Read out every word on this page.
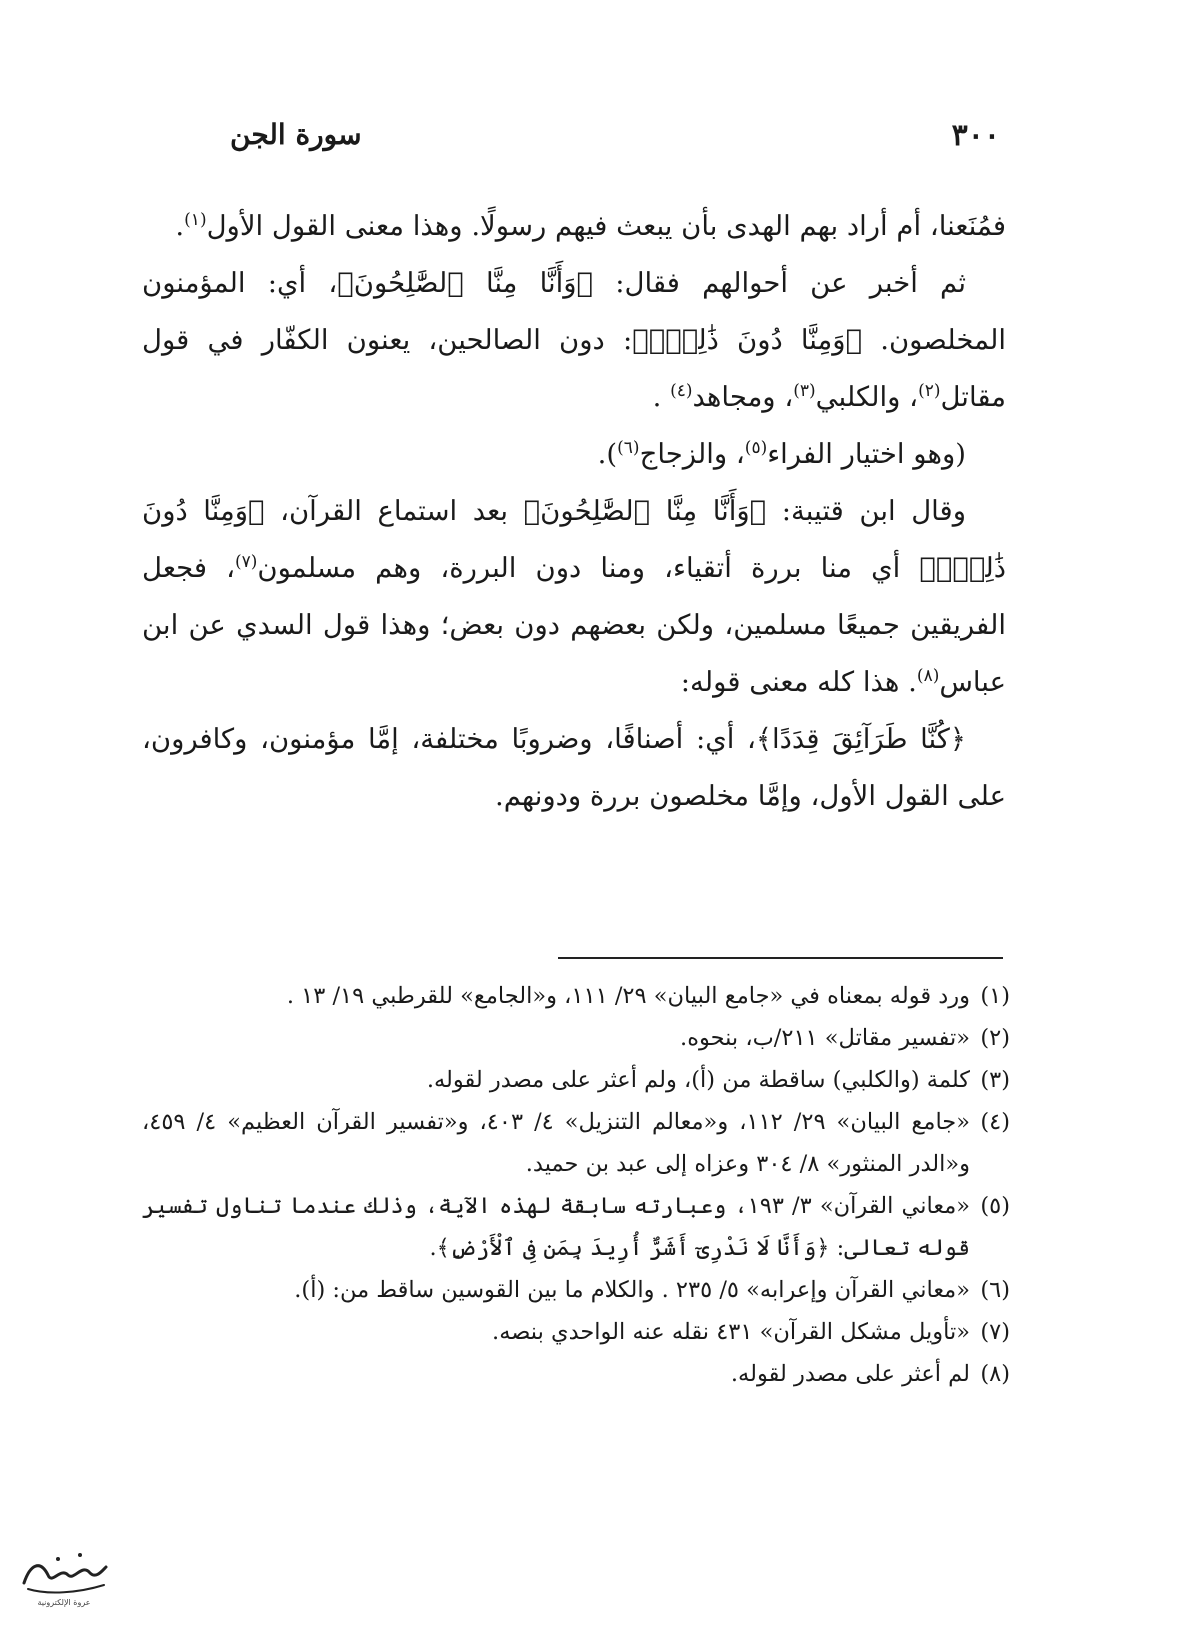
٣٠٠
سورة الجن

فمُنَعنا، أم أراد بهم الهدى بأن يبعث فيهم رسولًا. وهذا معنى القول الأول$^{(١)}$.

ثم أخبر عن أحوالهم فقال: ﴿وَأَنَّا مِنَّا ٱلصَّٰلِحُونَ﴾، أي: المؤمنون المخلصون. ﴿وَمِنَّا دُونَ ذَٰلِكَۖ﴾: دون الصالحين، يعنون الكفّار في قول مقاتل$^{(٢)}$، والكلبي$^{(٣)}$، ومجاهد$^{(٤)}$ .

(وهو اختيار الفراء$^{(٥)}$، والزجاج$^{(٦)}$).

وقال ابن قتيبة: ﴿وَأَنَّا مِنَّا ٱلصَّٰلِحُونَ﴾ بعد استماع القرآن، ﴿وَمِنَّا دُونَ ذَٰلِكَۖ﴾ أي منا بررة أتقياء، ومنا دون البررة، وهم مسلمون$^{(٧)}$، فجعل الفريقين جميعًا مسلمين، ولكن بعضهم دون بعض؛ وهذا قول السدي عن ابن عباس$^{(٨)}$. هذا كله معنى قوله:

﴿كُنَّا طَرَآئِقَ قِدَدًا﴾، أي: أصنافًا، وضروبًا مختلفة، إمَّا مؤمنون، وكافرون، على القول الأول، وإمَّا مخلصون بررة ودونهم.

(١)
ورد قوله بمعناه في «جامع البيان» ٢٩/ ١١١، و«الجامع» للقرطبي ١٩/ ١٣ .
(٢)
«تفسير مقاتل» ٢١١/ب، بنحوه.
(٣)
كلمة (والكلبي) ساقطة من (أ)، ولم أعثر على مصدر لقوله.
(٤)
«جامع البيان» ٢٩/ ١١٢، و«معالم التنزيل» ٤/ ٤٠٣، و«تفسير القرآن العظيم» ٤/ ٤٥٩، و«الدر المنثور» ٨/ ٣٠٤ وعزاه إلى عبد بن حميد.
(٥)
«معاني القرآن» ٣/ ١٩٣، وعبارته سابقة لهذه الآية، وذلك عندما تناول تفسير قوله تعالى: ﴿وَأَنَّا لَا نَدْرِىٓ أَشَرٌّ أُرِيدَ بِمَن فِى ٱلْأَرْضِ﴾.
(٦)
«معاني القرآن وإعرابه» ٥/ ٢٣٥ . والكلام ما بين القوسين ساقط من: (أ).
(٧)
«تأويل مشكل القرآن» ٤٣١ نقله عنه الواحدي بنصه.
(٨)
لم أعثر على مصدر لقوله.
عروة الإلكترونية
